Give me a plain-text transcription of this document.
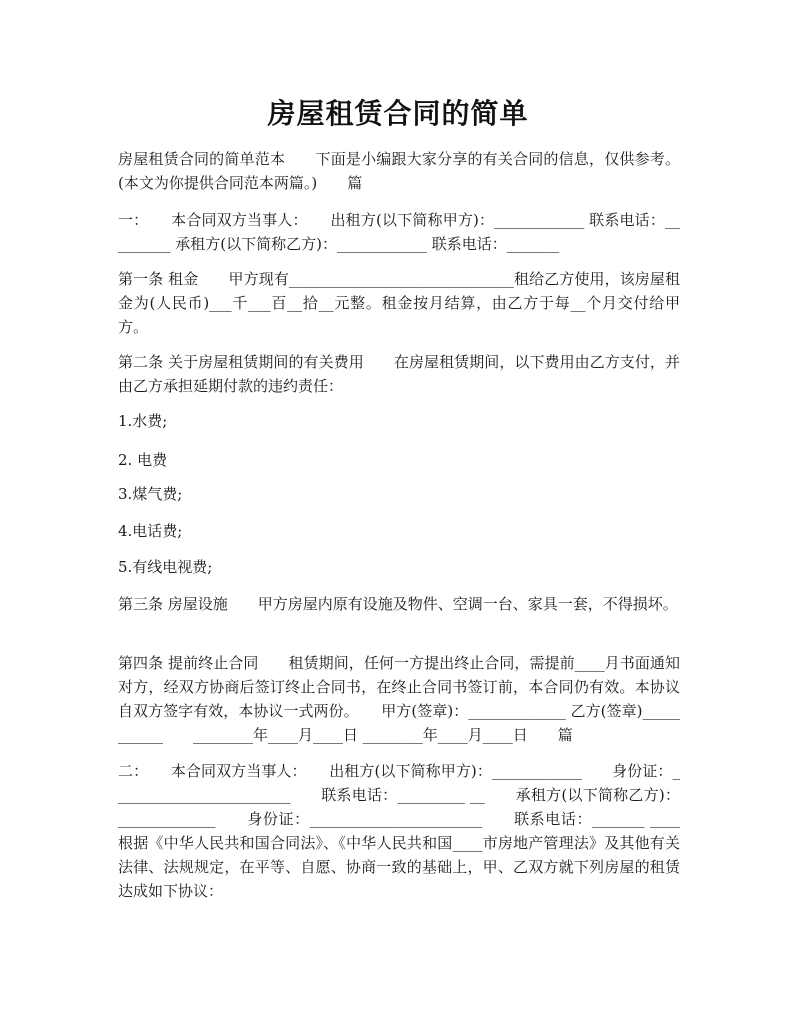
房屋租赁合同的简单

房屋租赁合同的简单范本　　下面是小编跟大家分享的有关合同的信息，仅供参考。(本文为你提供合同范本两篇。)　　篇

一：　　本合同双方当事人：　　出租方(以下简称甲方)：____________ 联系电话：_________ 承租方(以下简称乙方)：____________ 联系电话：_______

第一条 租金　　甲方现有______________________________租给乙方使用，该房屋租金为(人民币)___千___百__拾__元整。租金按月结算，由乙方于每__个月交付给甲方。

第二条 关于房屋租赁期间的有关费用　　在房屋租赁期间，以下费用由乙方支付，并由乙方承担延期付款的违约责任：

1.水费;

2. 电费

3.煤气费;

4.电话费;

5.有线电视费;

第三条 房屋设施　　甲方房屋内原有设施及物件、空调一台、家具一套，不得损坏。

第四条 提前终止合同　　租赁期间，任何一方提出终止合同，需提前____月书面通知对方，经双方协商后签订终止合同书，在终止合同书签订前，本合同仍有效。本协议自双方签字有效，本协议一式两份。　　甲方(签章)：_____________ 乙方(签章)___________　　________年____月____日 ________年____月____日　　篇

二：　　本合同双方当事人：　　出租方(以下简称甲方)：____________　　身份证：________________________　　联系电话：_________ __　　承租方(以下简称乙方)：_____________　　身份证：_______________________　　联系电话：_______ ____　　根据《中华人民共和国合同法》、《中华人民共和国____市房地产管理法》及其他有关法律、法规规定，在平等、自愿、协商一致的基础上，甲、乙双方就下列房屋的租赁达成如下协议：
